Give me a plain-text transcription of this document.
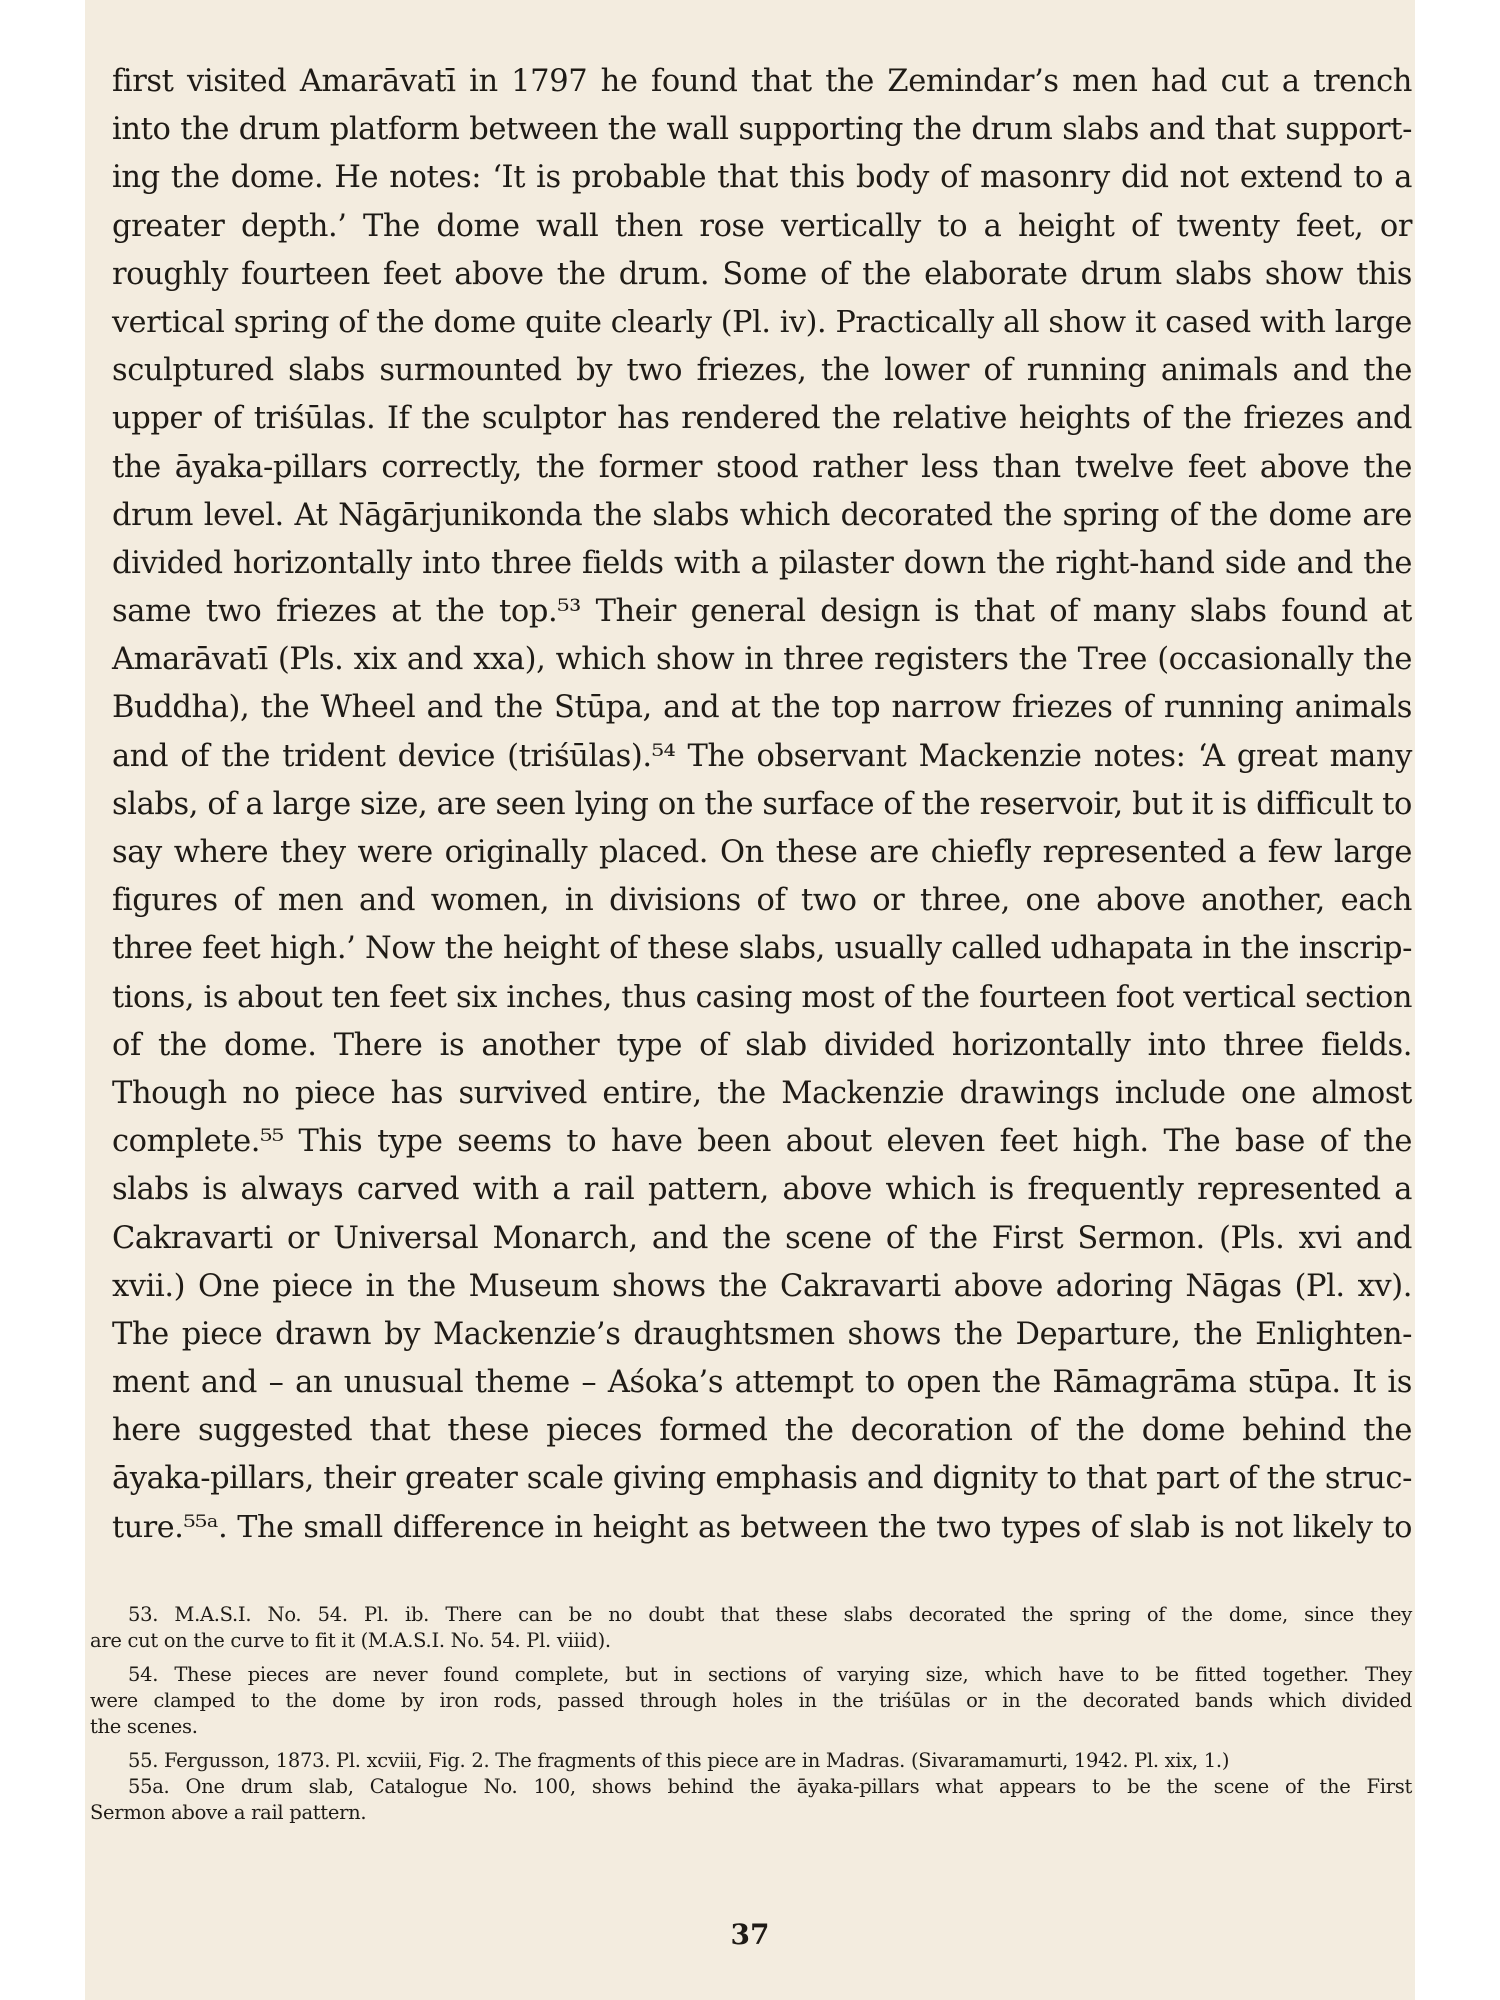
first visited Amarāvatī in 1797 he found that the Zemindar’s men had cut a trench
into the drum platform between the wall supporting the drum slabs and that support-
ing the dome. He notes: ‘It is probable that this body of masonry did not extend to a
greater depth.’ The dome wall then rose vertically to a height of twenty feet, or
roughly fourteen feet above the drum. Some of the elaborate drum slabs show this
vertical spring of the dome quite clearly (Pl. iv). Practically all show it cased with large
sculptured slabs surmounted by two friezes, the lower of running animals and the
upper of triśūlas. If the sculptor has rendered the relative heights of the friezes and
the āyaka-pillars correctly, the former stood rather less than twelve feet above the
drum level. At Nāgārjunikonda the slabs which decorated the spring of the dome are
divided horizontally into three fields with a pilaster down the right-hand side and the
same two friezes at the top.⁵³ Their general design is that of many slabs found at
Amarāvatī (Pls. xix and xxa), which show in three registers the Tree (occasionally the
Buddha), the Wheel and the Stūpa, and at the top narrow friezes of running animals
and of the trident device (triśūlas).⁵⁴ The observant Mackenzie notes: ‘A great many
slabs, of a large size, are seen lying on the surface of the reservoir, but it is difficult to
say where they were originally placed. On these are chiefly represented a few large
figures of men and women, in divisions of two or three, one above another, each
three feet high.’ Now the height of these slabs, usually called udhapata in the inscrip-
tions, is about ten feet six inches, thus casing most of the fourteen foot vertical section
of the dome. There is another type of slab divided horizontally into three fields.
Though no piece has survived entire, the Mackenzie drawings include one almost
complete.⁵⁵ This type seems to have been about eleven feet high. The base of the
slabs is always carved with a rail pattern, above which is frequently represented a
Cakravarti or Universal Monarch, and the scene of the First Sermon. (Pls. xvi and
xvii.) One piece in the Museum shows the Cakravarti above adoring Nāgas (Pl. xv).
The piece drawn by Mackenzie’s draughtsmen shows the Departure, the Enlighten-
ment and – an unusual theme – Aśoka’s attempt to open the Rāmagrāma stūpa. It is
here suggested that these pieces formed the decoration of the dome behind the
āyaka-pillars, their greater scale giving emphasis and dignity to that part of the struc-
ture.⁵⁵ᵃ. The small difference in height as between the two types of slab is not likely to
53. M.A.S.I. No. 54. Pl. ib. There can be no doubt that these slabs decorated the spring of the dome, since they
are cut on the curve to fit it (M.A.S.I. No. 54. Pl. viiid).
54. These pieces are never found complete, but in sections of varying size, which have to be fitted together. They
were clamped to the dome by iron rods, passed through holes in the triśūlas or in the decorated bands which divided
the scenes.
55. Fergusson, 1873. Pl. xcviii, Fig. 2. The fragments of this piece are in Madras. (Sivaramamurti, 1942. Pl. xix, 1.)
55a. One drum slab, Catalogue No. 100, shows behind the āyaka-pillars what appears to be the scene of the First
Sermon above a rail pattern.
37
